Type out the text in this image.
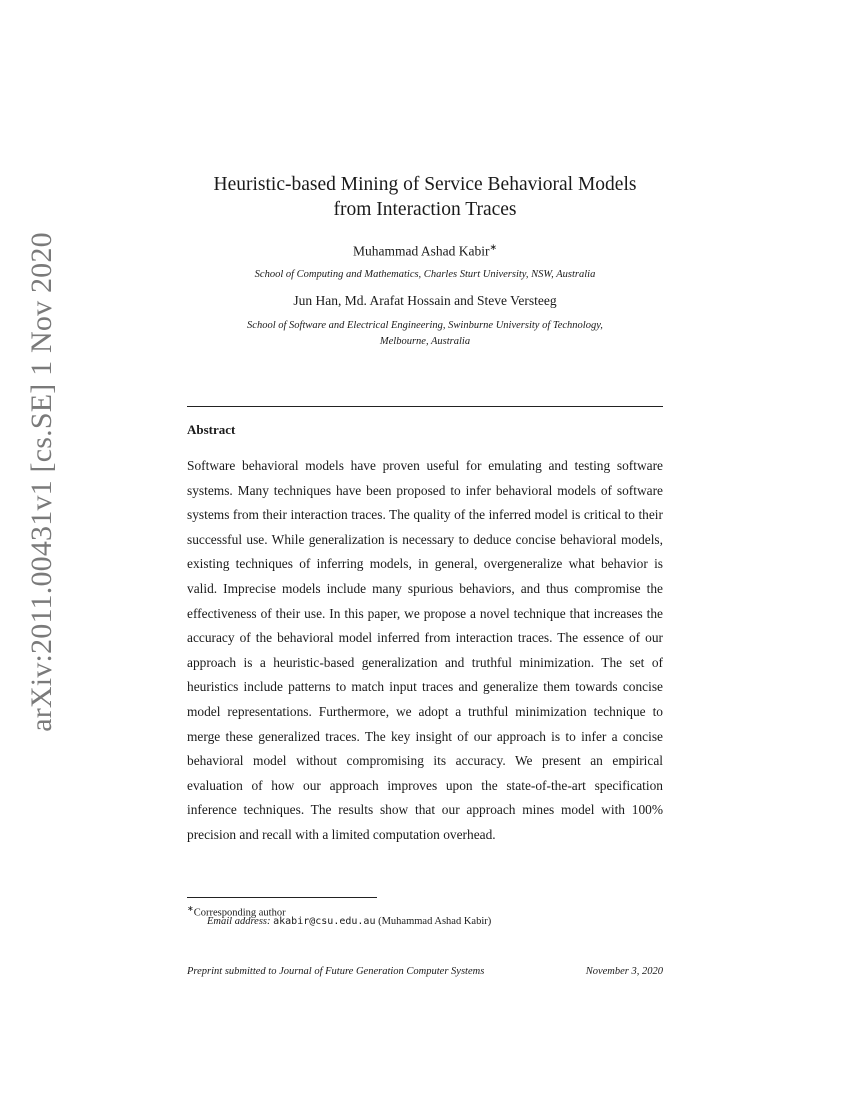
arXiv:2011.00431v1 [cs.SE] 1 Nov 2020
Heuristic-based Mining of Service Behavioral Models
from Interaction Traces
Muhammad Ashad Kabir∗
School of Computing and Mathematics, Charles Sturt University, NSW, Australia
Jun Han, Md. Arafat Hossain and Steve Versteeg
School of Software and Electrical Engineering, Swinburne University of Technology,
Melbourne, Australia
Abstract
Software behavioral models have proven useful for emulating and testing software systems. Many techniques have been proposed to infer behavioral models of software systems from their interaction traces. The quality of the inferred model is critical to their successful use. While generalization is necessary to deduce concise behavioral models, existing techniques of inferring models, in general, overgeneralize what behavior is valid. Imprecise models include many spurious behaviors, and thus compromise the effectiveness of their use. In this paper, we propose a novel technique that increases the accuracy of the behavioral model inferred from interaction traces. The essence of our approach is a heuristic-based generalization and truthful minimization. The set of heuristics include patterns to match input traces and generalize them towards concise model representations. Furthermore, we adopt a truthful minimization technique to merge these generalized traces. The key insight of our approach is to infer a concise behavioral model without compromising its accuracy. We present an empirical evaluation of how our approach improves upon the state-of-the-art specification inference techniques. The results show that our approach mines model with 100% precision and recall with a limited computation overhead.
∗Corresponding author
Email address: akabir@csu.edu.au (Muhammad Ashad Kabir)
Preprint submitted to Journal of Future Generation Computer Systems	November 3, 2020
